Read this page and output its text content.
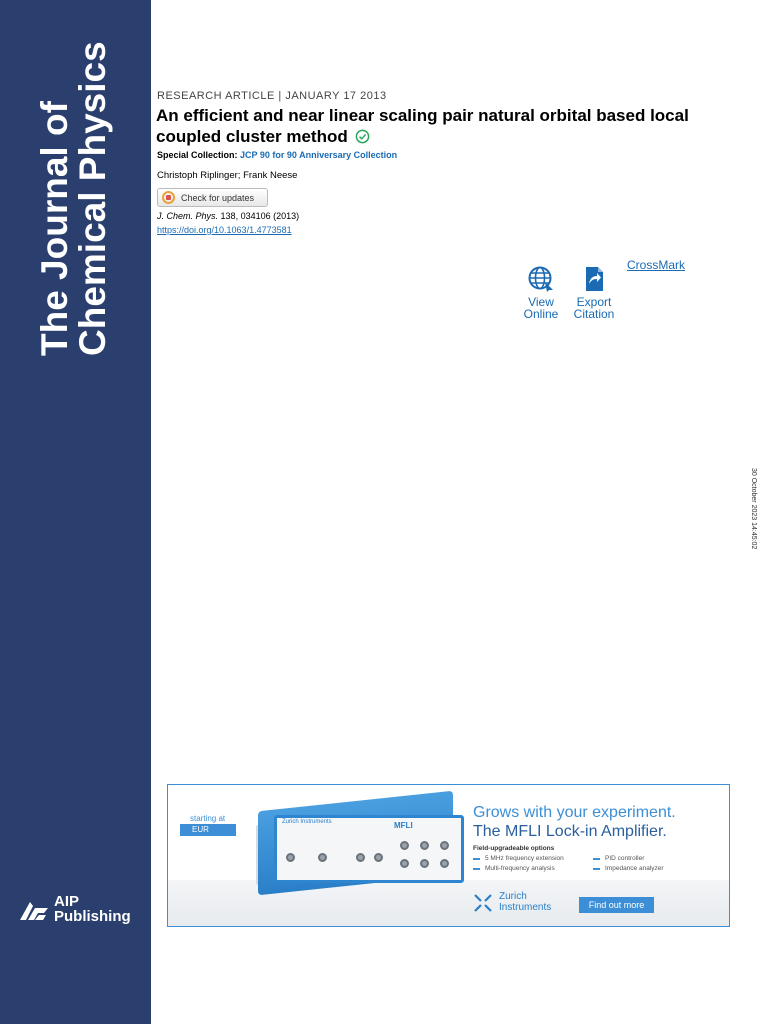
The Journal of
Chemical Physics
AIP
Publishing
RESEARCH ARTICLE | JANUARY 17 2013
An efficient and near linear scaling pair natural orbital based local coupled cluster method
Special Collection: JCP 90 for 90 Anniversary Collection
Christoph Riplinger; Frank Neese
Check for updates
J. Chem. Phys. 138, 034106 (2013)
https://doi.org/10.1063/1.4773581
View
Online
Export
Citation
CrossMark
30 October 2023 14:45:02
starting at
EUR 6.360,-
Zurich Instruments	MFLI
Grows with your experiment.
The MFLI Lock-in Amplifier.
Field-upgradeable options
5 MHz frequency extension
Multi-frequency analysis
PID controller
Impedance analyzer
Zurich
Instruments	Find out more
